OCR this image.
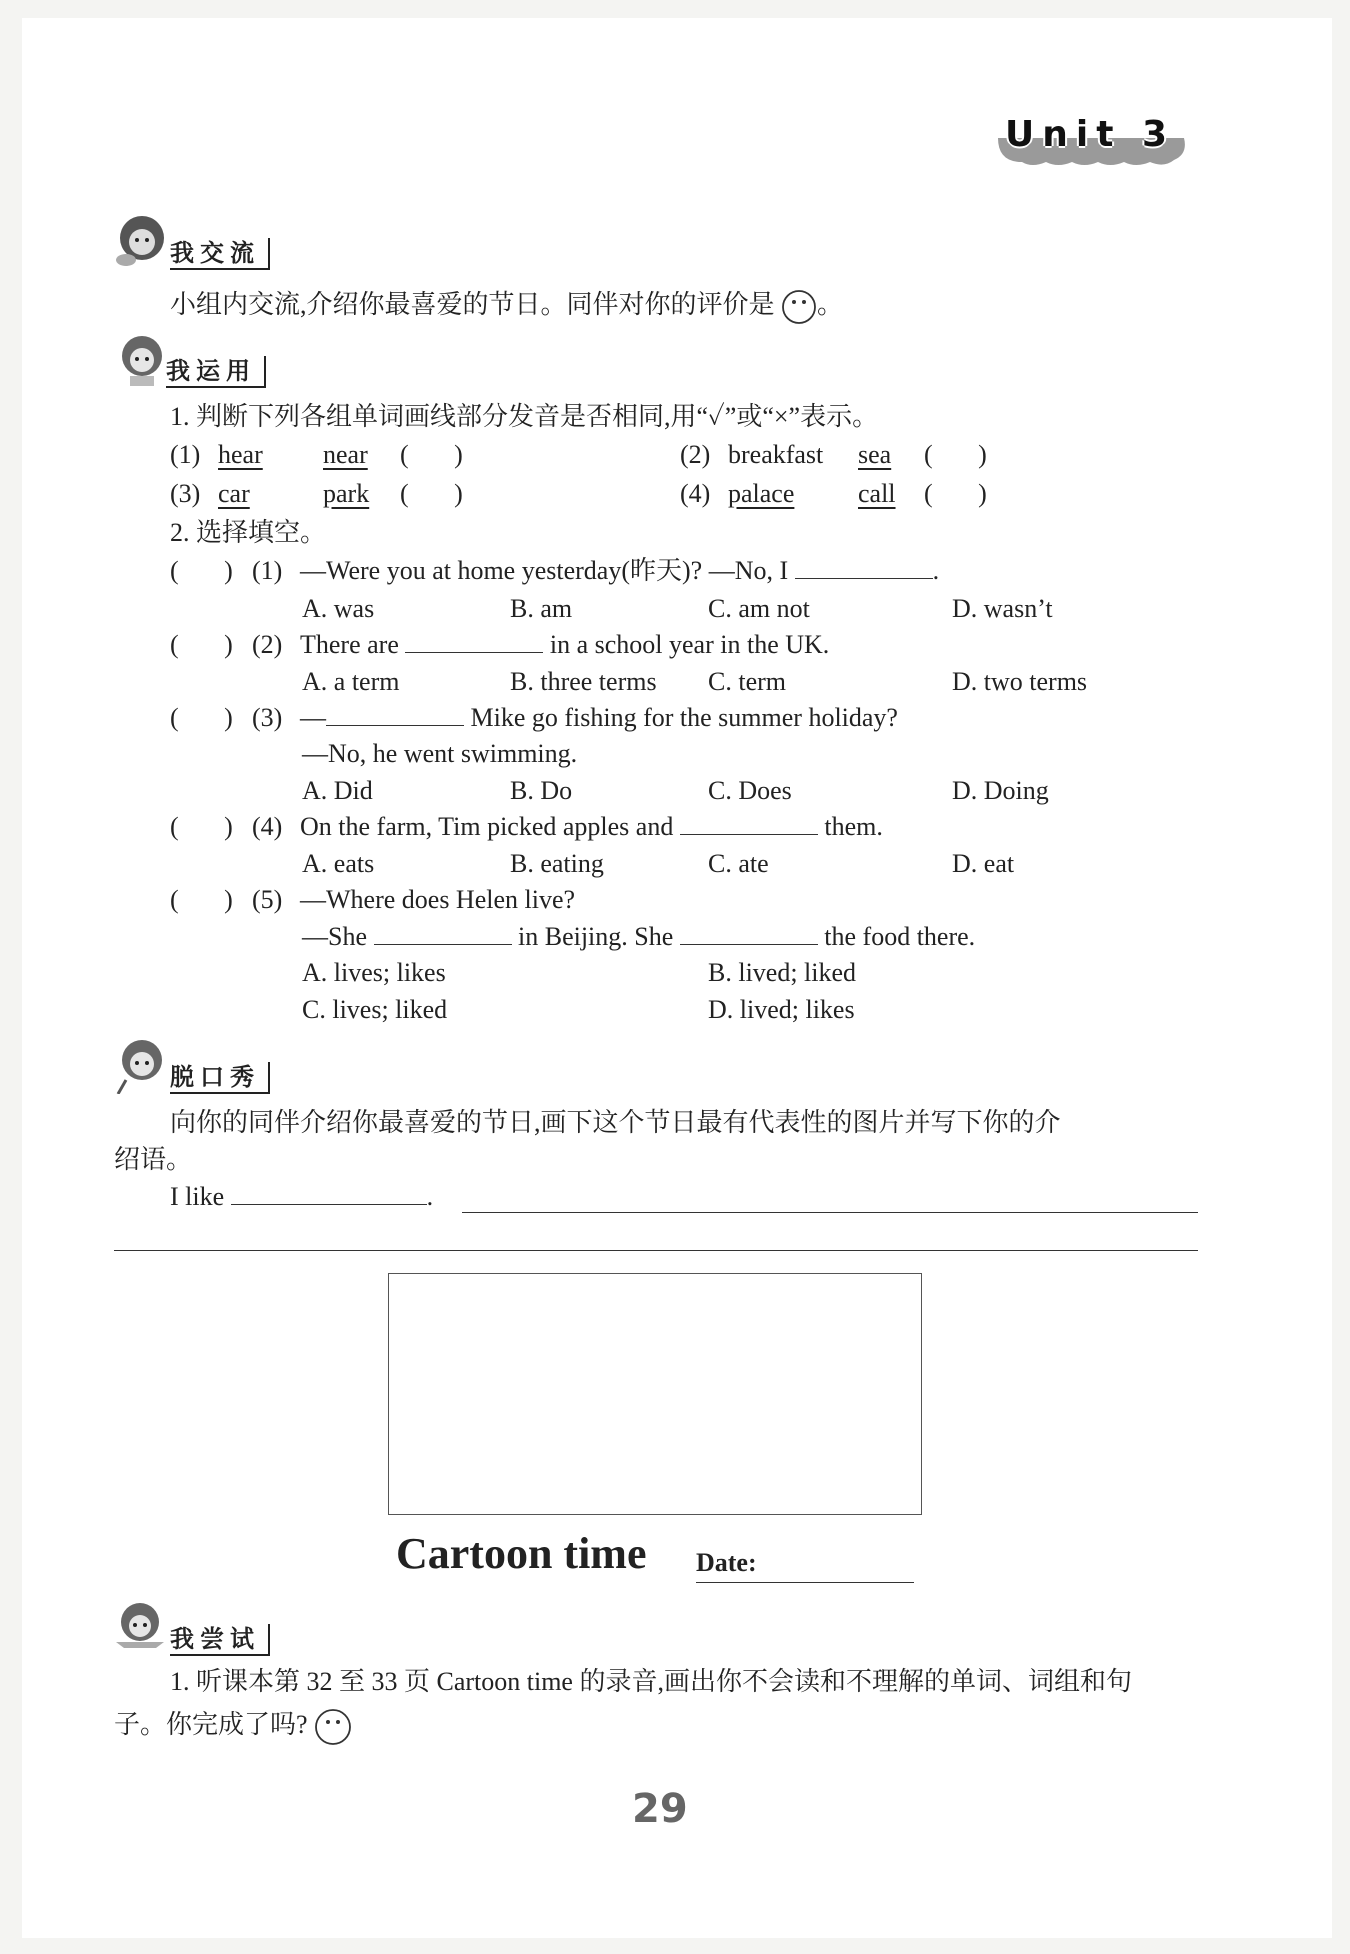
Unit 3
我交流
小组内交流,介绍你最喜爱的节日。同伴对你的评价是 。
我运用
1. 判断下列各组单词画线部分发音是否相同,用“✓”或“×”表示。
(1) hear near (       )	(2) breakfast sea (       )
(3) car	park (       )	(4) palace call (       )
2. 选择填空。
(       ) (1) —Were you at home yesterday(昨天)? —No, I	.
A. was	B. am	C. am not	D. wasn’t
(       ) (2) There are	in a school year in the UK.
A. a term	B. three terms C. term	D. two terms
(       ) (3) —	Mike go fishing for the summer holiday?
—No, he went swimming.
A. Did	B. Do	C. Does	D. Doing
(       ) (4) On the farm, Tim picked apples and	them.
A. eats	B. eating	C. ate	D. eat
(       ) (5) —Where does Helen live?
—She	in Beijing. She	the food there.
A. lives; likes	B. lived; liked
C. lives; liked	D. lived; likes
脱口秀
向你的同伴介绍你最喜爱的节日,画下这个节日最有代表性的图片并写下你的介
绍语。
I like	.
Cartoon time Date:
我尝试
1. 听课本第 32 至 33 页 Cartoon time 的录音,画出你不会读和不理解的单词、词组和句
子。你完成了吗?
29
